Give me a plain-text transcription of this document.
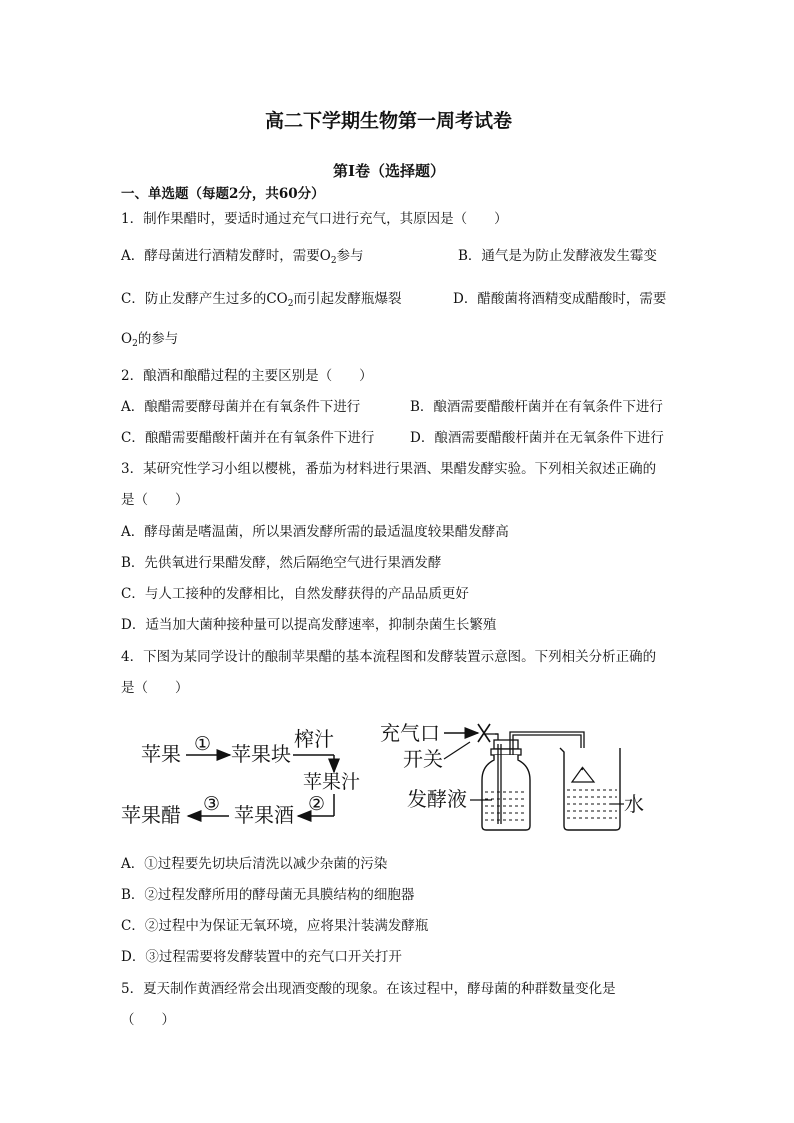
高二下学期生物第一周考试卷
第Ⅰ卷（选择题）
一、单选题（每题2分，共60分）
1．制作果醋时，要适时通过充气口进行充气，其原因是（　　）
A．酵母菌进行酒精发酵时，需要$O_2$参与	B．通气是为防止发酵液发生霉变
C．防止发酵产生过多的$CO_2$而引起发酵瓶爆裂	D．醋酸菌将酒精变成醋酸时，需要
$O_2$的参与
2．酿酒和酿醋过程的主要区别是（　　）
A．酿醋需要酵母菌并在有氧条件下进行	B．酿酒需要醋酸杆菌并在有氧条件下进行
C．酿醋需要醋酸杆菌并在有氧条件下进行	D．酿酒需要醋酸杆菌并在无氧条件下进行
3．某研究性学习小组以樱桃，番茄为材料进行果酒、果醋发酵实验。下列相关叙述正确的
是（　　）
A．酵母菌是嗜温菌，所以果酒发酵所需的最适温度较果醋发酵高
B．先供氧进行果醋发酵，然后隔绝空气进行果酒发酵
C．与人工接种的发酵相比，自然发酵获得的产品品质更好
D．适当加大菌种接种量可以提高发酵速率，抑制杂菌生长繁殖
4．下图为某同学设计的酿制苹果醋的基本流程图和发酵装置示意图。下列相关分析正确的
是（　　）
苹果 ① 苹果块
榨汁
苹果汁
②
苹果酒
③
苹果醋
充气口
开关
发酵液	水
A．①过程要先切块后清洗以减少杂菌的污染
B．②过程发酵所用的酵母菌无具膜结构的细胞器
C．②过程中为保证无氧环境，应将果汁装满发酵瓶
D．③过程需要将发酵装置中的充气口开关打开
5．夏天制作黄酒经常会出现酒变酸的现象。在该过程中，酵母菌的种群数量变化是
（　　）
